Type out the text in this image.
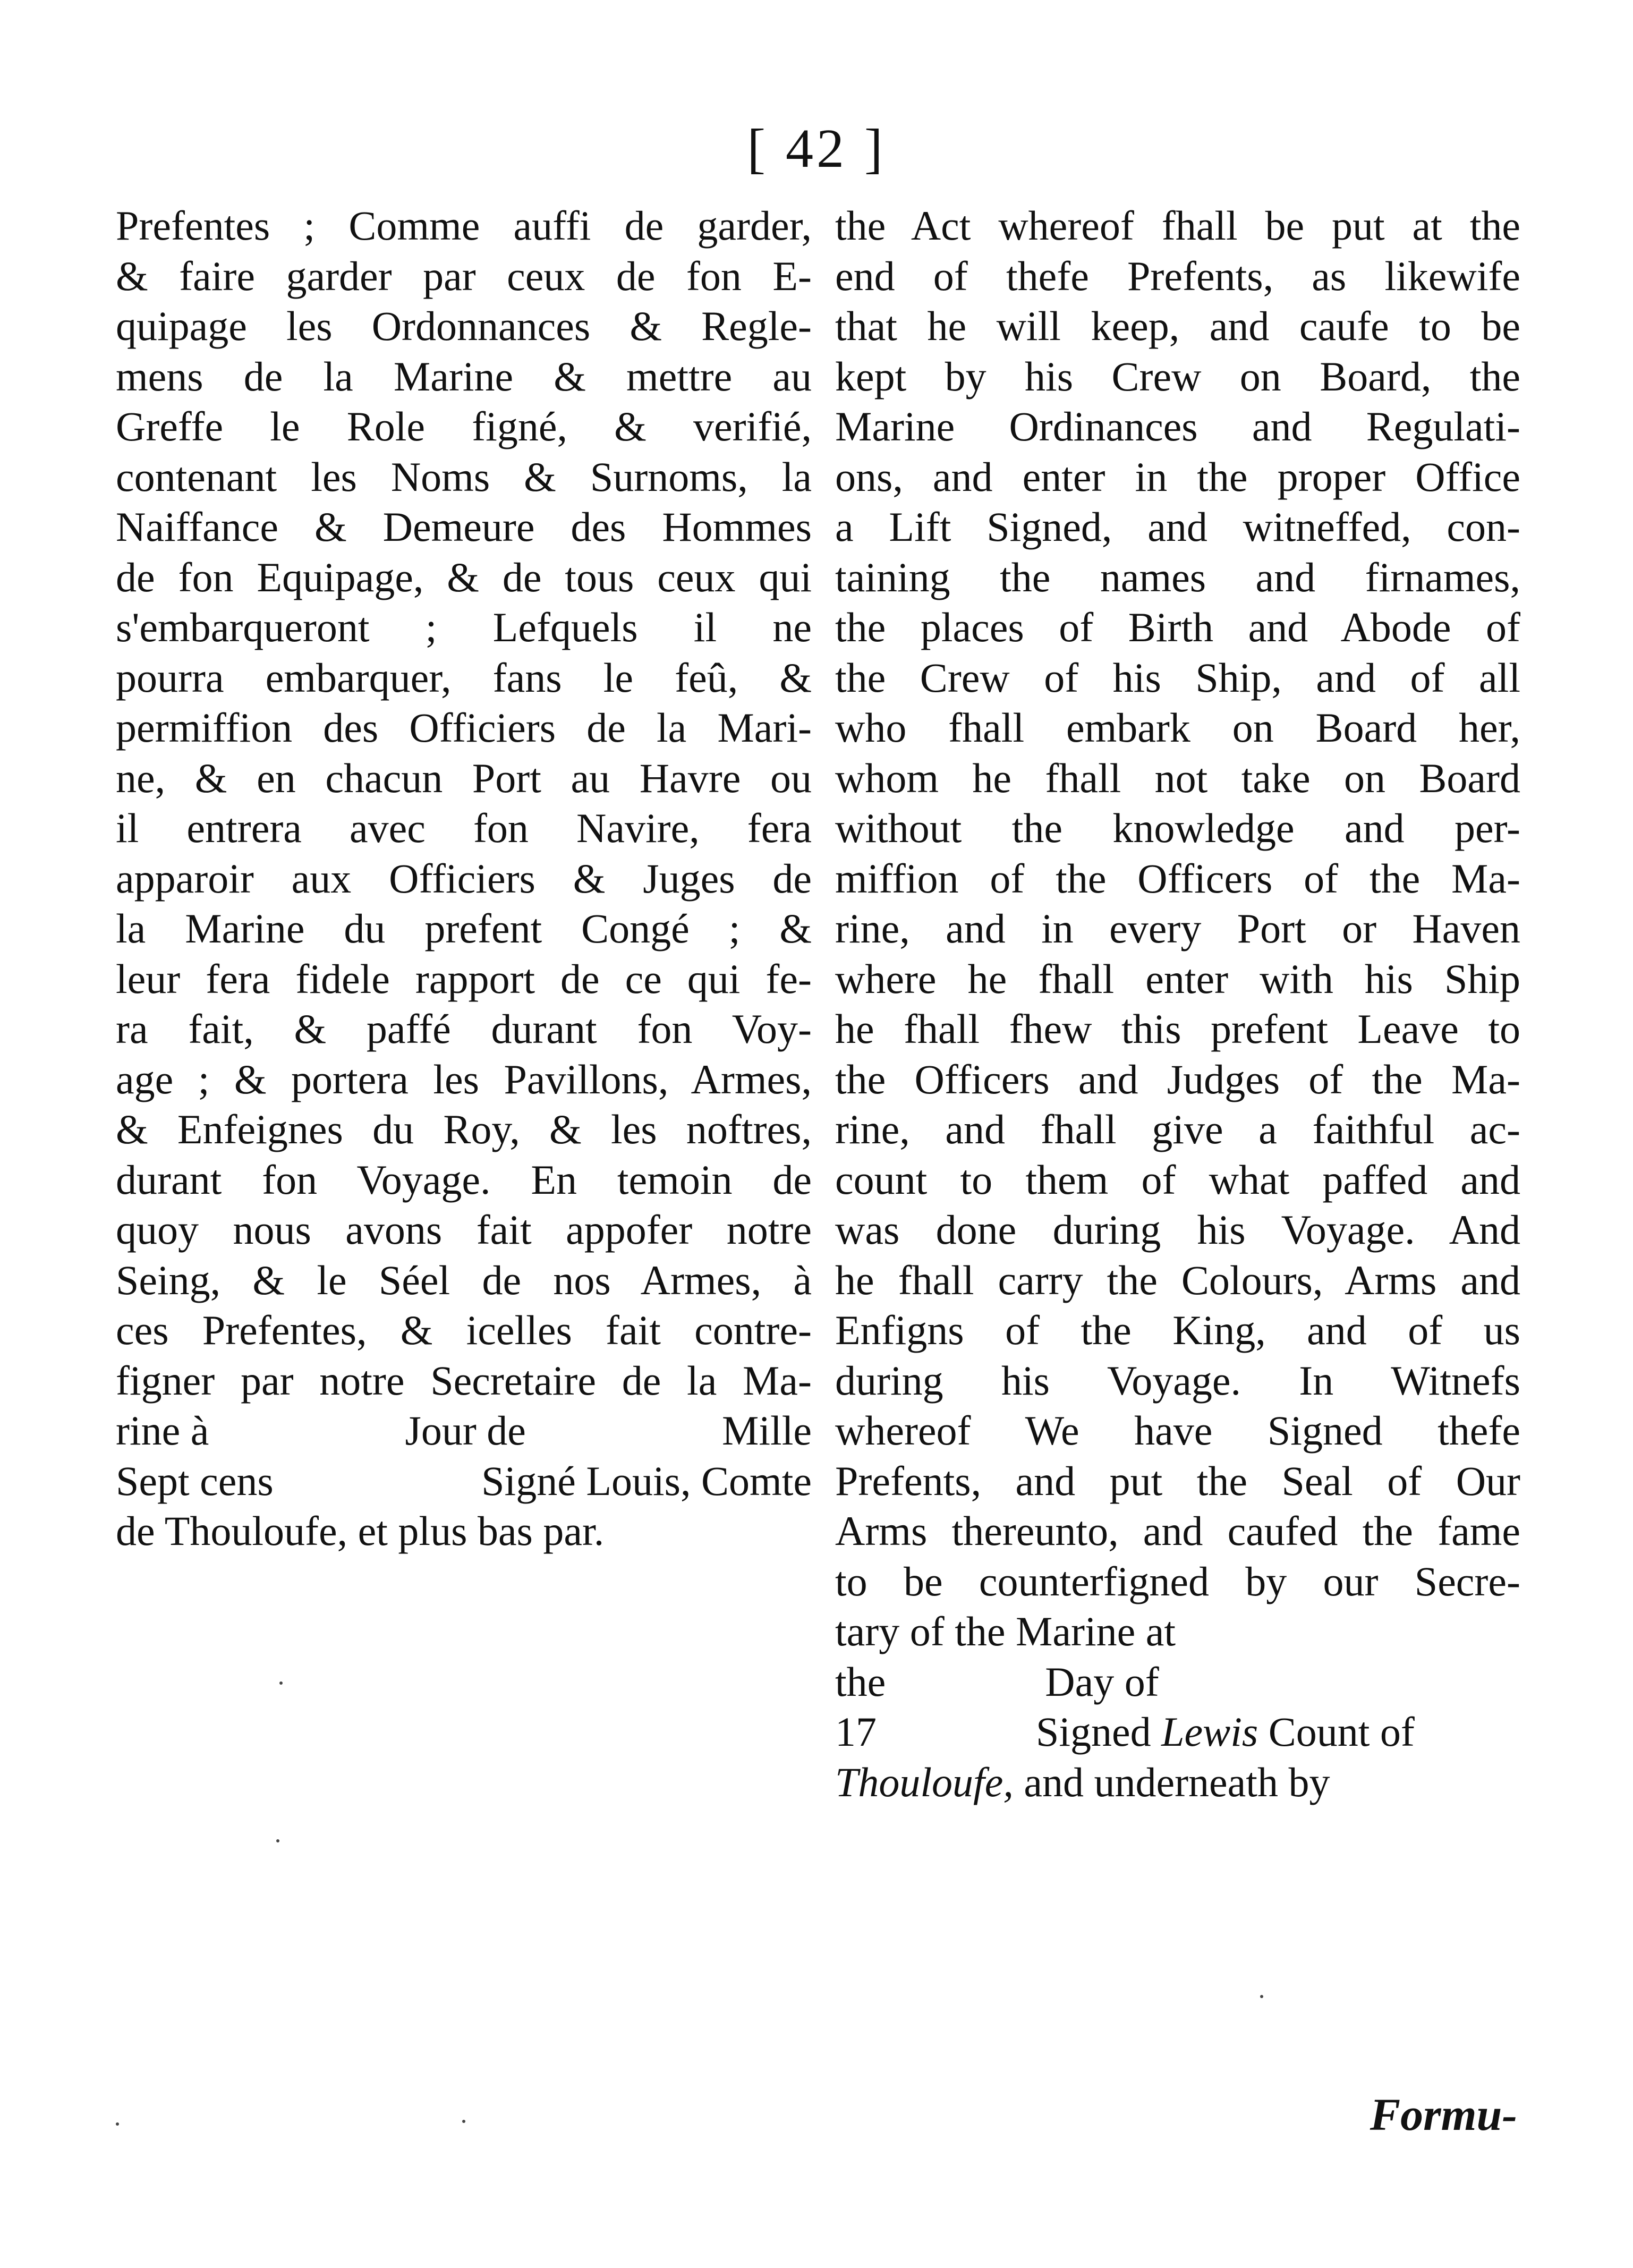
[ 42 ]
Prefentes ; Comme auffi de garder,
& faire garder par ceux de fon E-
quipage les Ordonnances & Regle-
mens de la Marine & mettre au
Greffe le Role figné, & verifié,
contenant les Noms & Surnoms, la
Naiffance & Demeure des Hommes
de fon Equipage, & de tous ceux qui
s'embarqueront ; Lefquels il ne
pourra embarquer, fans le feû, &
permiffion des Officiers de la Mari-
ne, & en chacun Port au Havre ou
il entrera avec fon Navire, fera
apparoir aux Officiers & Juges de
la Marine du prefent Congé ; &
leur fera fidele rapport de ce qui fe-
ra fait, & paffé durant fon Voy-
age ; & portera les Pavillons, Armes,
& Enfeignes du Roy, & les noftres,
durant fon Voyage. En temoin de
quoy nous avons fait appofer notre
Seing, & le Séel de nos Armes, à
ces Prefentes, & icelles fait contre-
figner par notre Secretaire de la Ma-
rine à	Jour de	Mille
Sept cens	Signé Louis, Comte
de Thouloufe, et plus bas par.
the Act whereof fhall be put at the
end of thefe Prefents, as likewife
that he will keep, and caufe to be
kept by his Crew on Board, the
Marine Ordinances and Regulati-
ons, and enter in the proper Office
a Lift Signed, and witneffed, con-
taining the names and firnames,
the places of Birth and Abode of
the Crew of his Ship, and of all
who fhall embark on Board her,
whom he fhall not take on Board
without the knowledge and per-
miffion of the Officers of the Ma-
rine, and in every Port or Haven
where he fhall enter with his Ship
he fhall fhew this prefent Leave to
the Officers and Judges of the Ma-
rine, and fhall give a faithful ac-
count to them of what paffed and
was done during his Voyage. And
he fhall carry the Colours, Arms and
Enfigns of the King, and of us
during his Voyage. In Witnefs
whereof We have Signed thefe
Prefents, and put the Seal of Our
Arms thereunto, and caufed the fame
to be counterfigned by our Secre-
tary of the Marine at
the	Day of
17	Signed Lewis Count of
Thouloufe, and underneath by
Formu-
